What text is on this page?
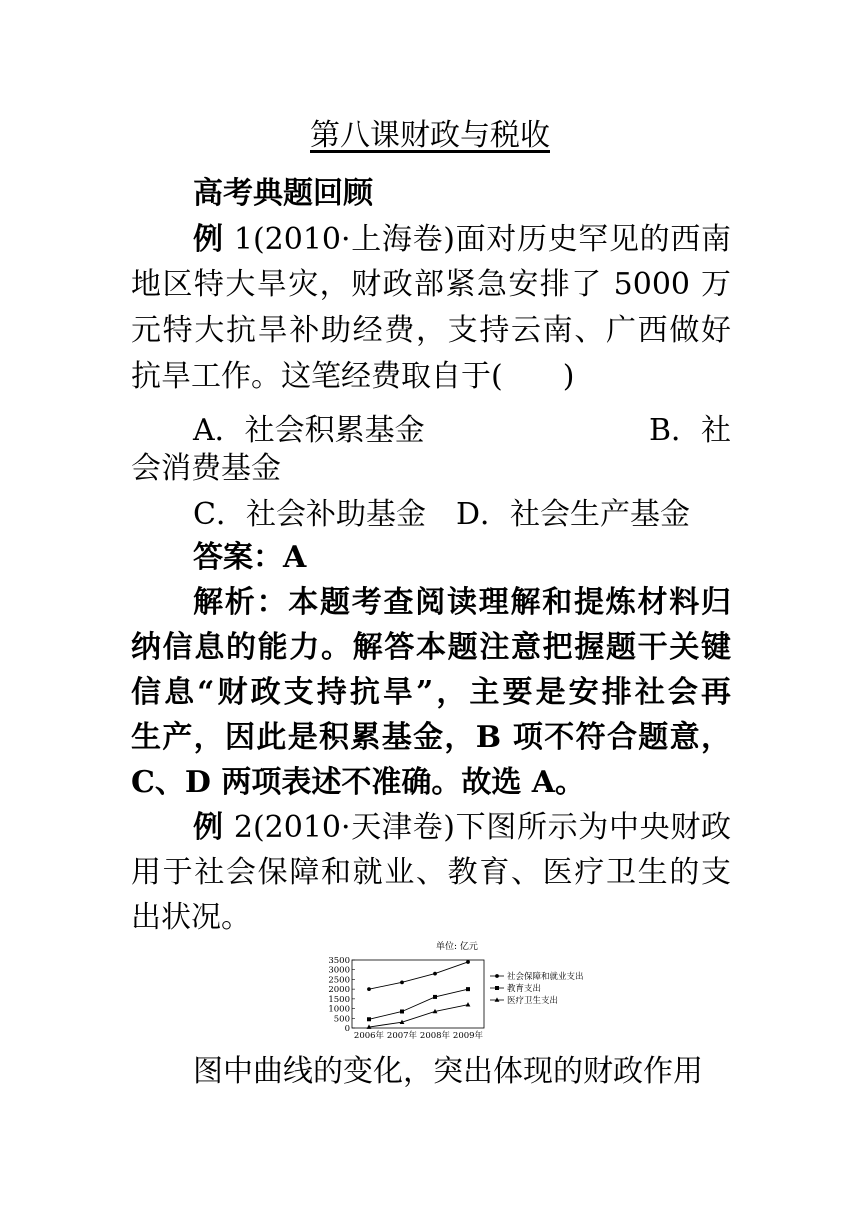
第八课财政与税收
高考典题回顾
例 1(2010·上海卷)面对历史罕见的西南
地区特大旱灾，财政部紧急安排了 5000 万
元特大抗旱补助经费，支持云南、广西做好
抗旱工作。这笔经费取自于(　　)
A．社会积累基金	B．社
会消费基金
C．社会补助基金　D．社会生产基金
答案：A
解析：本题考查阅读理解和提炼材料归
纳信息的能力。解答本题注意把握题干关键
信息“财政支持抗旱”，主要是安排社会再
生产，因此是积累基金，B 项不符合题意，
C、D 两项表述不准确。故选 A。
例 2(2010·天津卷)下图所示为中央财政
用于社会保障和就业、教育、医疗卫生的支
出状况。
单位: 亿元
0
500
1000
1500
2000
2500
3000
3500
2006年 2007年 2008年 2009年
社会保障和就业支出
教育支出
医疗卫生支出
图中曲线的变化，突出体现的财政作用
